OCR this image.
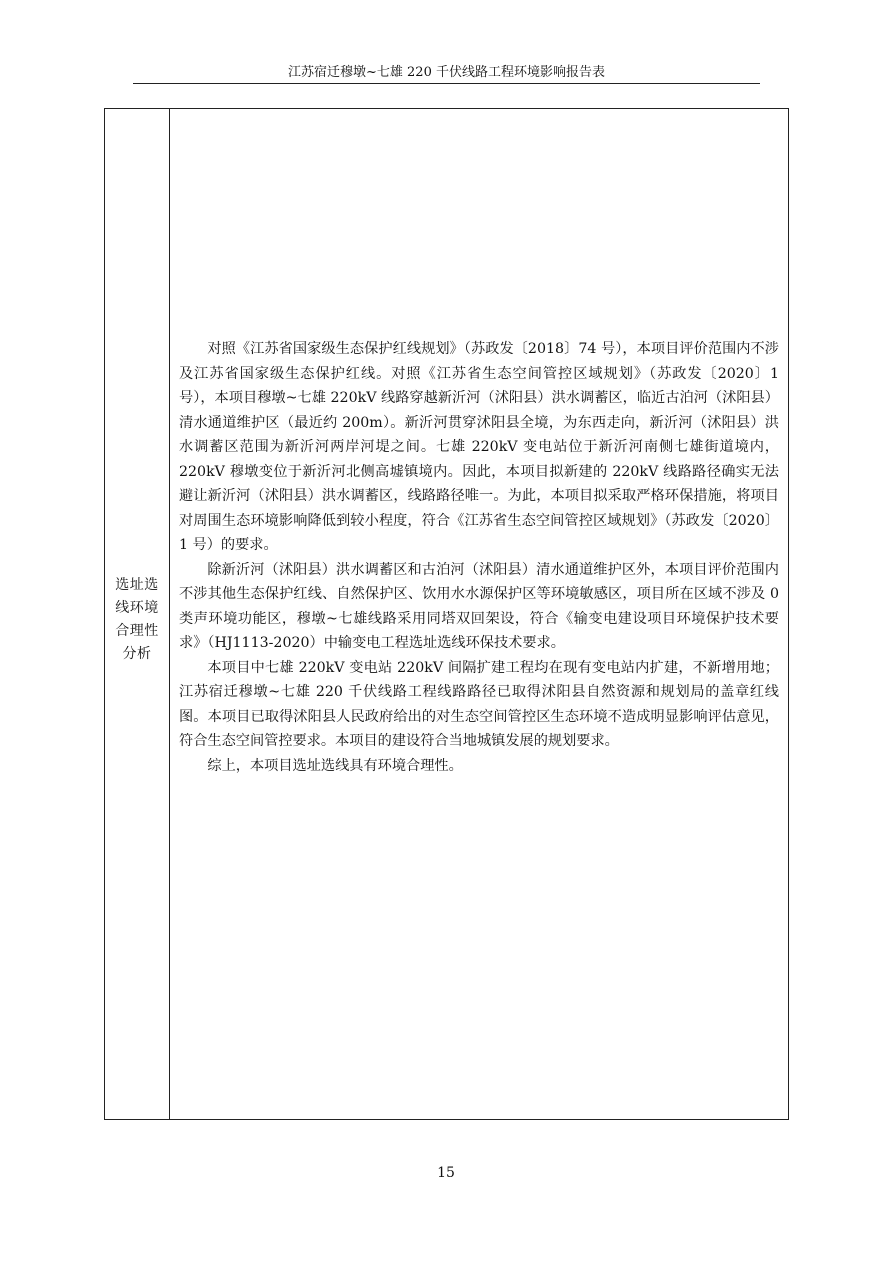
江苏宿迁穆墩~七雄 220 千伏线路工程环境影响报告表
选址选线环境合理性分析

对照《江苏省国家级生态保护红线规划》（苏政发〔2018〕74 号），本项目评价范围内不涉及江苏省国家级生态保护红线。对照《江苏省生态空间管控区域规划》（苏政发〔2020〕1 号），本项目穆墩~七雄 220kV 线路穿越新沂河（沭阳县）洪水调蓄区，临近古泊河（沭阳县）清水通道维护区（最近约 200m）。新沂河贯穿沭阳县全境，为东西走向，新沂河（沭阳县）洪水调蓄区范围为新沂河两岸河堤之间。七雄 220kV 变电站位于新沂河南侧七雄街道境内，220kV 穆墩变位于新沂河北侧高墟镇境内。因此，本项目拟新建的 220kV 线路路径确实无法避让新沂河（沭阳县）洪水调蓄区，线路路径唯一。为此，本项目拟采取严格环保措施，将项目对周围生态环境影响降低到较小程度，符合《江苏省生态空间管控区域规划》（苏政发〔2020〕1 号）的要求。

除新沂河（沭阳县）洪水调蓄区和古泊河（沭阳县）清水通道维护区外，本项目评价范围内不涉其他生态保护红线、自然保护区、饮用水水源保护区等环境敏感区，项目所在区域不涉及 0 类声环境功能区，穆墩~七雄线路采用同塔双回架设，符合《输变电建设项目环境保护技术要求》（HJ1113-2020）中输变电工程选址选线环保技术要求。

本项目中七雄 220kV 变电站 220kV 间隔扩建工程均在现有变电站内扩建，不新增用地；江苏宿迁穆墩~七雄 220 千伏线路工程线路路径已取得沭阳县自然资源和规划局的盖章红线图。本项目已取得沭阳县人民政府给出的对生态空间管控区生态环境不造成明显影响评估意见，符合生态空间管控要求。本项目的建设符合当地城镇发展的规划要求。

综上，本项目选址选线具有环境合理性。

15
